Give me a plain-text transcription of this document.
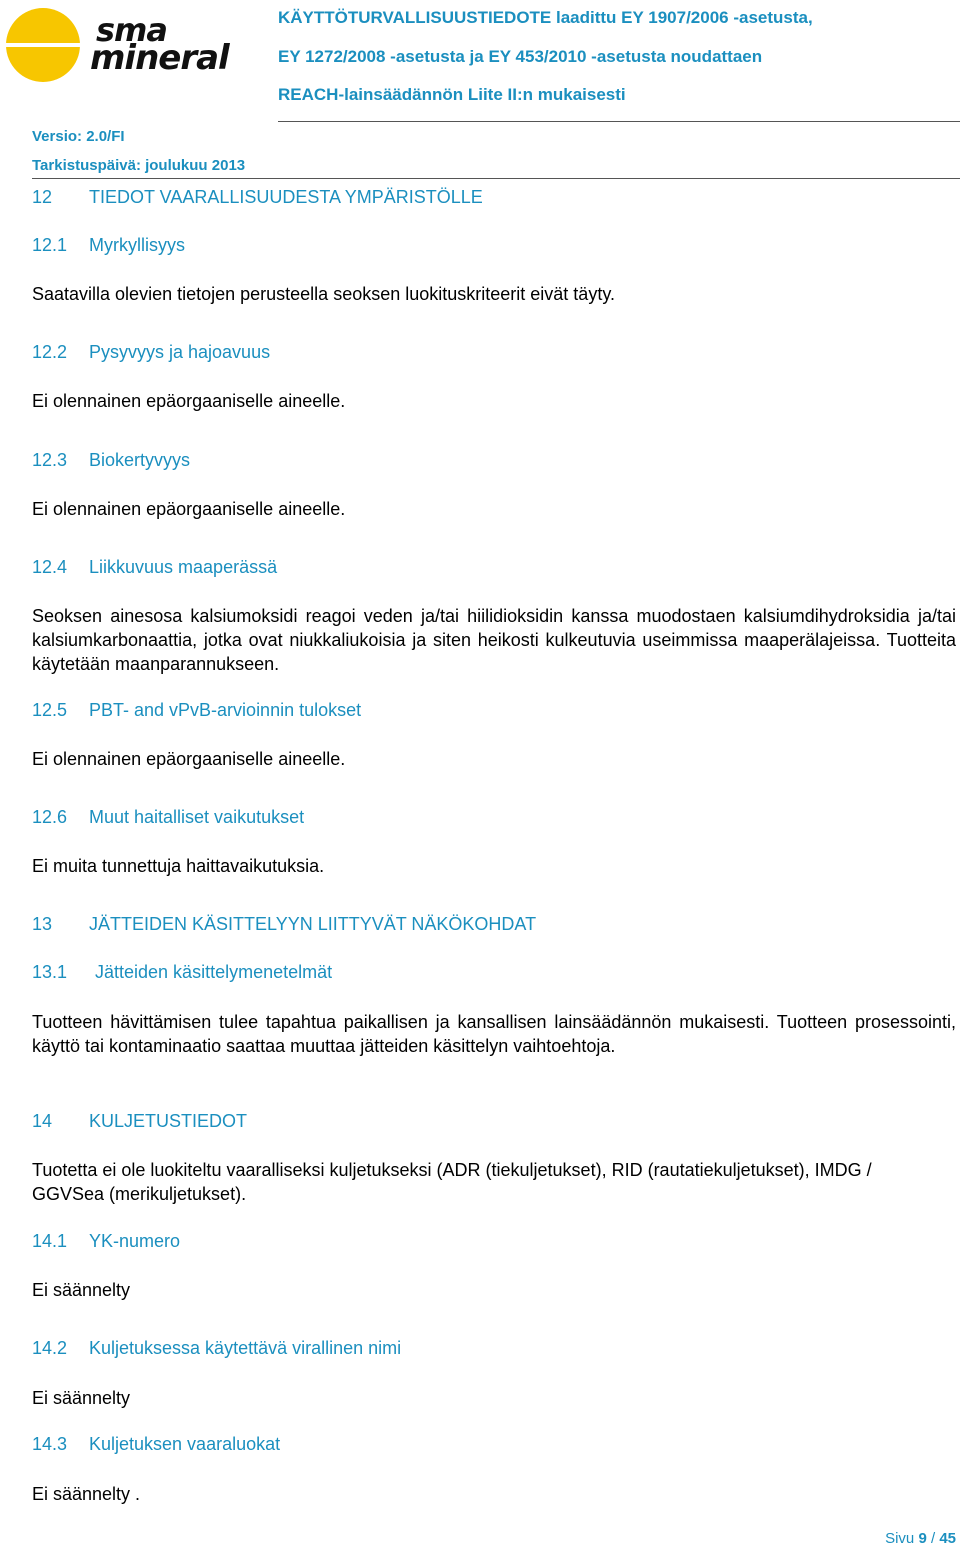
sma
mineral
KÄYTTÖTURVALLISUUSTIEDOTE laadittu EY 1907/2006 -asetusta,
EY 1272/2008 -asetusta ja EY 453/2010 -asetusta noudattaen
REACH-lainsäädännön Liite II:n mukaisesti
Versio: 2.0/FI
Tarkistuspäivä: joulukuu 2013
12 TIEDOT VAARALLISUUDESTA YMPÄRISTÖLLE
12.1 Myrkyllisyys
Saatavilla olevien tietojen perusteella seoksen luokituskriteerit eivät täyty.
12.2 Pysyvyys ja hajoavuus
Ei olennainen epäorgaaniselle aineelle.
12.3 Biokertyvyys
Ei olennainen epäorgaaniselle aineelle.
12.4 Liikkuvuus maaperässä
Seoksen ainesosa kalsiumoksidi reagoi veden ja/tai hiilidioksidin kanssa muodostaen kalsiumdihydroksidia ja/tai kalsiumkarbonaattia, jotka ovat niukkaliukoisia ja siten heikosti kulkeutuvia useimmissa maaperälajeissa. Tuotteita käytetään maanparannukseen.
12.5 PBT- and vPvB-arvioinnin tulokset
Ei olennainen epäorgaaniselle aineelle.
12.6 Muut haitalliset vaikutukset
Ei muita tunnettuja haittavaikutuksia.
13 JÄTTEIDEN KÄSITTELYYN LIITTYVÄT NÄKÖKOHDAT
13.1 Jätteiden käsittelymenetelmät
Tuotteen hävittämisen tulee tapahtua paikallisen ja kansallisen lainsäädännön mukaisesti. Tuotteen prosessointi, käyttö tai kontaminaatio saattaa muuttaa jätteiden käsittelyn vaihtoehtoja.
14 KULJETUSTIEDOT
Tuotetta ei ole luokiteltu vaaralliseksi kuljetukseksi (ADR (tiekuljetukset), RID (rautatiekuljetukset), IMDG / GGVSea (merikuljetukset).
14.1 YK-numero
Ei säännelty
14.2 Kuljetuksessa käytettävä virallinen nimi
Ei säännelty
14.3 Kuljetuksen vaaraluokat
Ei säännelty .
Sivu 9 / 45
